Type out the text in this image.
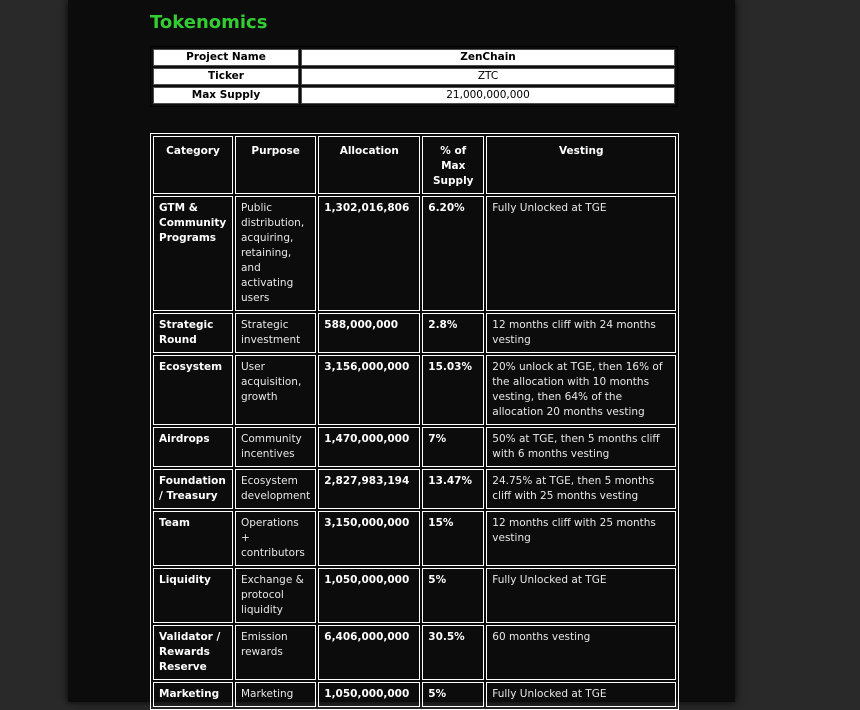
Tokenomics
Project Name	ZenChain
Ticker	ZTC
Max Supply	21,000,000,000
Category	Purpose	Allocation	% of Max Supply	Vesting
GTM & Community Programs	Public distribution, acquiring, retaining, and activating users	1,302,016,806	6.20%	Fully Unlocked at TGE
Strategic Round	Strategic investment	588,000,000	2.8%	12 months cliff with 24 months vesting
Ecosystem	User acquisition, growth	3,156,000,000	15.03%	20% unlock at TGE, then 16% of the allocation with 10 months vesting, then 64% of the allocation 20 months vesting
Airdrops	Community incentives	1,470,000,000	7%	50% at TGE, then 5 months cliff with 6 months vesting
Foundation / Treasury	Ecosystem development	2,827,983,194	13.47%	24.75% at TGE, then 5 months cliff with 25 months vesting
Team	Operations + contributors	3,150,000,000	15%	12 months cliff with 25 months vesting
Liquidity	Exchange & protocol liquidity	1,050,000,000	5%	Fully Unlocked at TGE
Validator / Rewards Reserve	Emission rewards	6,406,000,000	30.5%	60 months vesting
Marketing	Marketing	1,050,000,000	5%	Fully Unlocked at TGE
